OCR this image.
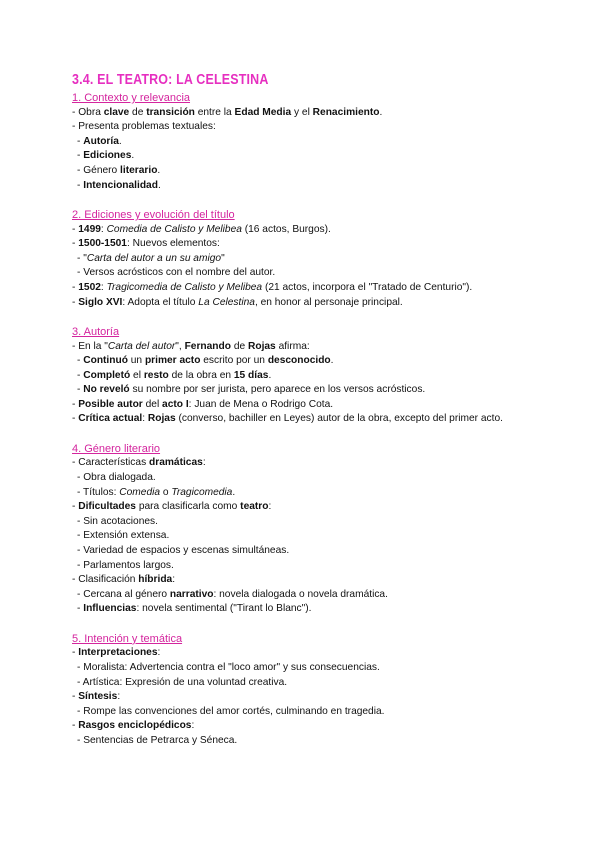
3.4. EL TEATRO: LA CELESTINA
1. Contexto y relevancia
- Obra clave de transición entre la Edad Media y el Renacimiento.
- Presenta problemas textuales:
- Autoría.
- Ediciones.
- Género literario.
- Intencionalidad.
2. Ediciones y evolución del título
- 1499: Comedia de Calisto y Melibea (16 actos, Burgos).
- 1500-1501: Nuevos elementos:
- "Carta del autor a un su amigo"
- Versos acrósticos con el nombre del autor.
- 1502: Tragicomedia de Calisto y Melibea (21 actos, incorpora el "Tratado de Centurio").
- Siglo XVI: Adopta el título La Celestina, en honor al personaje principal.
3. Autoría
- En la "Carta del autor", Fernando de Rojas afirma:
- Continuó un primer acto escrito por un desconocido.
- Completó el resto de la obra en 15 días.
- No reveló su nombre por ser jurista, pero aparece en los versos acrósticos.
- Posible autor del acto I: Juan de Mena o Rodrigo Cota.
- Crítica actual: Rojas (converso, bachiller en Leyes) autor de la obra, excepto del primer acto.
4. Género literario
- Características dramáticas:
- Obra dialogada.
- Títulos: Comedia o Tragicomedia.
- Dificultades para clasificarla como teatro:
- Sin acotaciones.
- Extensión extensa.
- Variedad de espacios y escenas simultáneas.
- Parlamentos largos.
- Clasificación híbrida:
- Cercana al género narrativo: novela dialogada o novela dramática.
- Influencias: novela sentimental ("Tirant lo Blanc").
5. Intención y temática
- Interpretaciones:
- Moralista: Advertencia contra el "loco amor" y sus consecuencias.
- Artística: Expresión de una voluntad creativa.
- Síntesis:
- Rompe las convenciones del amor cortés, culminando en tragedia.
- Rasgos enciclopédicos:
- Sentencias de Petrarca y Séneca.
